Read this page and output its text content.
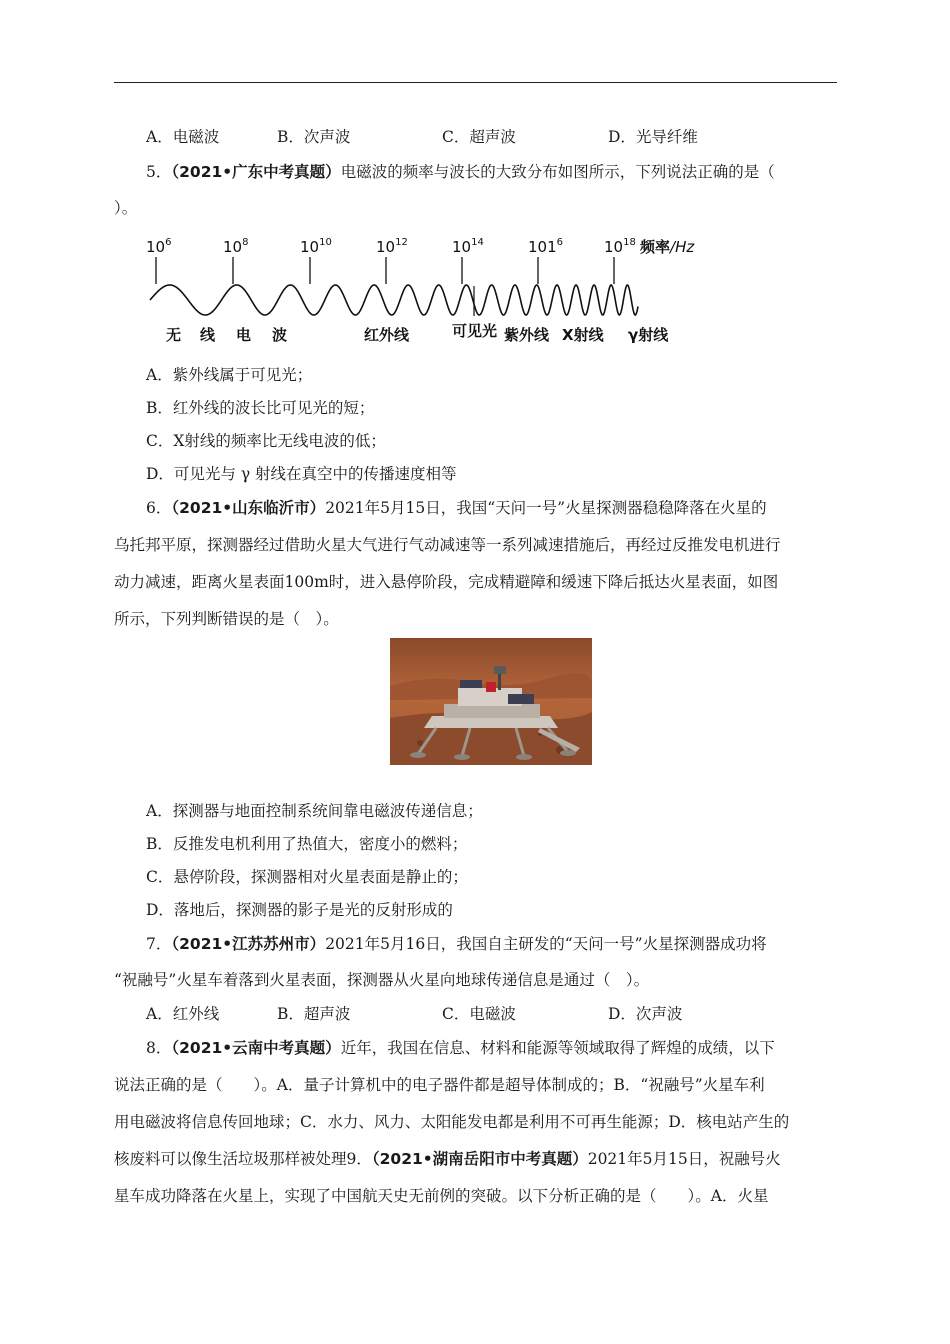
A．电磁波	B．次声波	C．超声波	D．光导纤维
5．（2021•广东中考真题）电磁波的频率与波长的大致分布如图所示，下列说法正确的是（
）。
$10^6$	$10^8$	$10^{10}$	$10^{12}$	$10^{14}$	$101^6$	$10^{18}$ 频率/Hz
无 线 电 波	红外线	可见光 紫外线 X射线 γ射线
A．紫外线属于可见光；
B．红外线的波长比可见光的短；
C．X射线的频率比无线电波的低；
D．可见光与 γ 射线在真空中的传播速度相等
6．（2021•山东临沂市）2021年5月15日，我国“天问一号”火星探测器稳稳降落在火星的
乌托邦平原，探测器经过借助火星大气进行气动减速等一系列减速措施后，再经过反推发电机进行
动力减速，距离火星表面100m时，进入悬停阶段，完成精避障和缓速下降后抵达火星表面，如图
所示，下列判断错误的是（　）。
A．探测器与地面控制系统间靠电磁波传递信息；
B．反推发电机利用了热值大，密度小的燃料；
C．悬停阶段，探测器相对火星表面是静止的；
D．落地后，探测器的影子是光的反射形成的
7．（2021•江苏苏州市）2021年5月16日，我国自主研发的“天问一号”火星探测器成功将
“祝融号”火星车着落到火星表面，探测器从火星向地球传递信息是通过（　）。
A．红外线	B．超声波	C．电磁波	D．次声波
8．（2021•云南中考真题）近年，我国在信息、材料和能源等领域取得了辉煌的成绩，以下
说法正确的是（　　）。A．量子计算机中的电子器件都是超导体制成的；B．“祝融号”火星车利
用电磁波将信息传回地球；C．水力、风力、太阳能发电都是利用不可再生能源；D．核电站产生的
核废料可以像生活垃圾那样被处理9．（2021•湖南岳阳市中考真题）2021年5月15日，祝融号火
星车成功降落在火星上，实现了中国航天史无前例的突破。以下分析正确的是（　　）。A．火星
